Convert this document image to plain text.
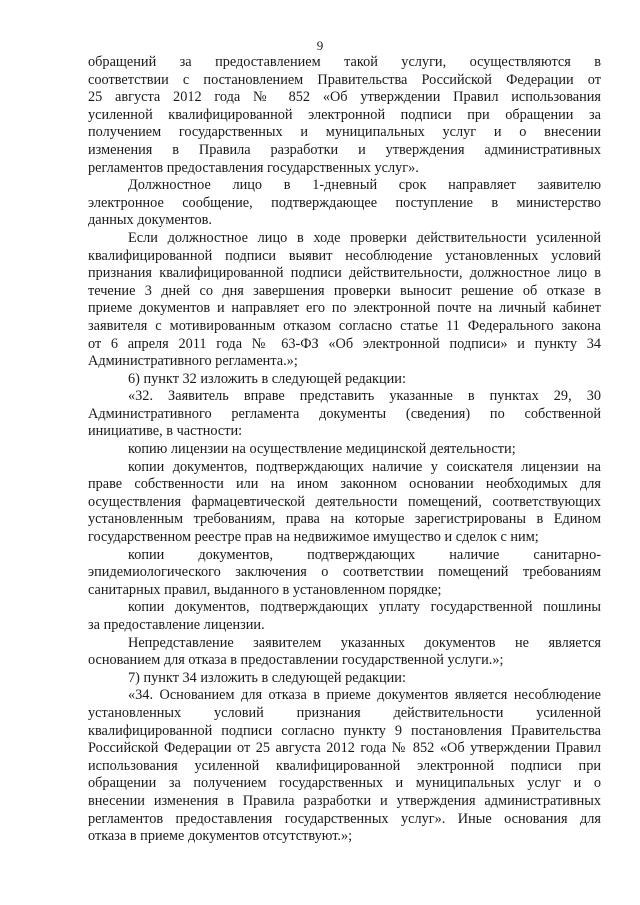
9
обращений за предоставлением такой услуги, осуществляются в
соответствии с постановлением Правительства Российской Федерации от
25 августа 2012 года № 852 «Об утверждении Правил использования
усиленной квалифицированной электронной подписи при обращении за
получением государственных и муниципальных услуг и о внесении
изменения в Правила разработки и утверждения административных
регламентов предоставления государственных услуг».
Должностное лицо в 1-дневный срок направляет заявителю
электронное сообщение, подтверждающее поступление в министерство
данных документов.
Если должностное лицо в ходе проверки действительности усиленной
квалифицированной подписи выявит несоблюдение установленных условий
признания квалифицированной подписи действительности, должностное лицо в
течение 3 дней со дня завершения проверки выносит решение об отказе в
приеме документов и направляет его по электронной почте на личный кабинет
заявителя с мотивированным отказом согласно статье 11 Федерального закона
от 6 апреля 2011 года № 63-ФЗ «Об электронной подписи» и пункту 34
Административного регламента.»;
6) пункт 32 изложить в следующей редакции:
«32. Заявитель вправе представить указанные в пунктах 29, 30
Административного регламента документы (сведения) по собственной
инициативе, в частности:
копию лицензии на осуществление медицинской деятельности;
копии документов, подтверждающих наличие у соискателя лицензии на
праве собственности или на ином законном основании необходимых для
осуществления фармацевтической деятельности помещений, соответствующих
установленным требованиям, права на которые зарегистрированы в Едином
государственном реестре прав на недвижимое имущество и сделок с ним;
копии документов, подтверждающих наличие санитарно-
эпидемиологического заключения о соответствии помещений требованиям
санитарных правил, выданного в установленном порядке;
копии документов, подтверждающих уплату государственной пошлины
за предоставление лицензии.
Непредставление заявителем указанных документов не является
основанием для отказа в предоставлении государственной услуги.»;
7) пункт 34 изложить в следующей редакции:
«34. Основанием для отказа в приеме документов является несоблюдение
установленных условий признания действительности усиленной
квалифицированной подписи согласно пункту 9 постановления Правительства
Российской Федерации от 25 августа 2012 года № 852 «Об утверждении Правил
использования усиленной квалифицированной электронной подписи при
обращении за получением государственных и муниципальных услуг и о
внесении изменения в Правила разработки и утверждения административных
регламентов предоставления государственных услуг». Иные основания для
отказа в приеме документов отсутствуют.»;
